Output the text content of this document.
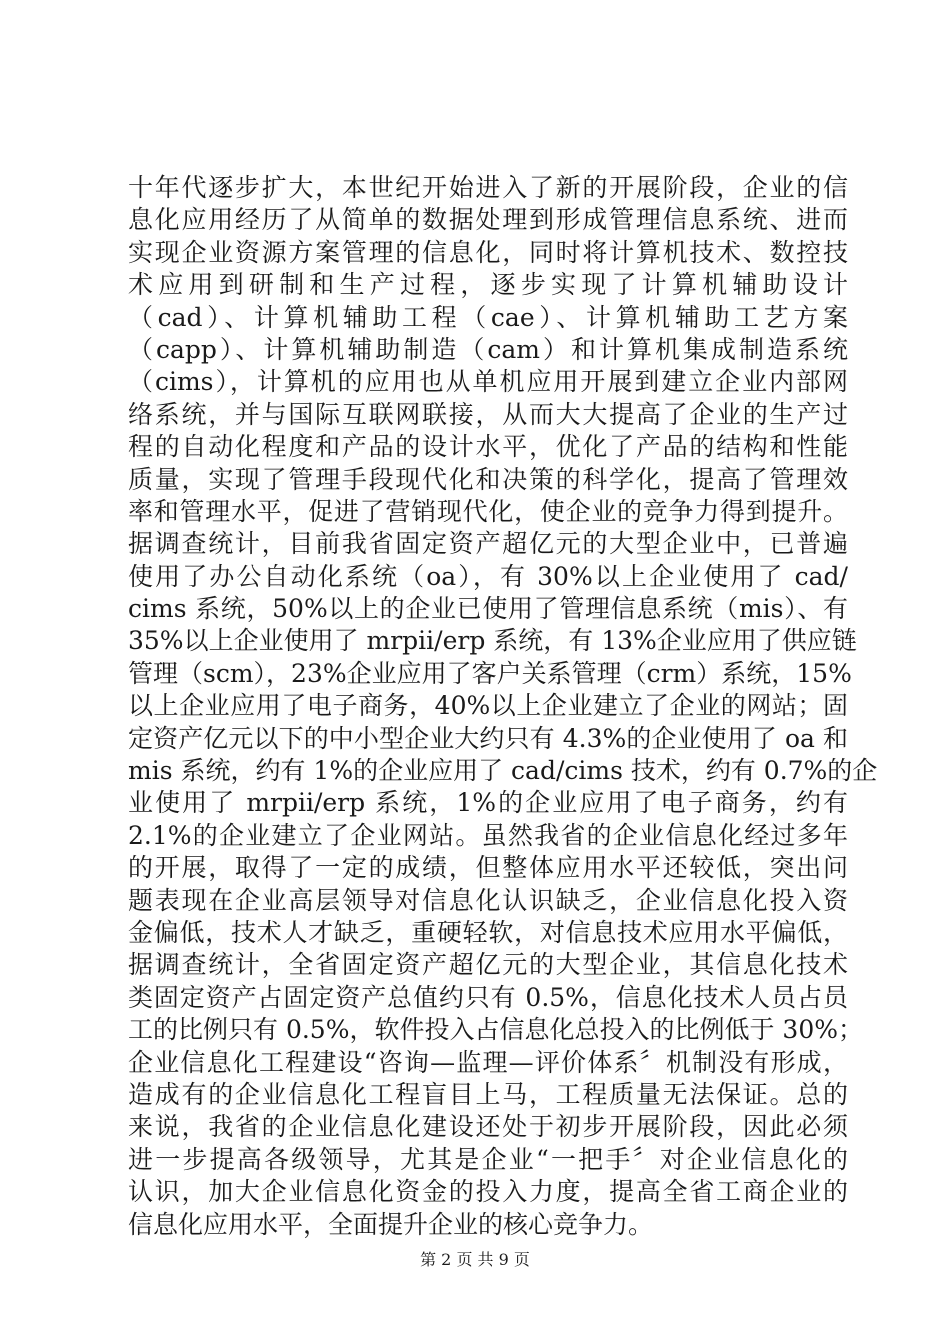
十年代逐步扩大，本世纪开始进入了新的开展阶段，企业的信
息化应用经历了从简单的数据处理到形成管理信息系统、进而
实现企业资源方案管理的信息化，同时将计算机技术、数控技
术应用到研制和生产过程，逐步实现了计算机辅助设计
（cad）、计算机辅助工程（cae）、计算机辅助工艺方案
（capp）、计算机辅助制造（cam）和计算机集成制造系统
（cims），计算机的应用也从单机应用开展到建立企业内部网
络系统，并与国际互联网联接，从而大大提高了企业的生产过
程的自动化程度和产品的设计水平，优化了产品的结构和性能
质量，实现了管理手段现代化和决策的科学化，提高了管理效
率和管理水平，促进了营销现代化，使企业的竞争力得到提升。
据调查统计，目前我省固定资产超亿元的大型企业中，已普遍
使用了办公自动化系统（oa），有 30%以上企业使用了 cad/
cims 系统，50%以上的企业已使用了管理信息系统（mis）、有
35%以上企业使用了 mrpii/erp 系统，有 13%企业应用了供应链
管理（scm），23%企业应用了客户关系管理（crm）系统，15%
以上企业应用了电子商务，40%以上企业建立了企业的网站；固
定资产亿元以下的中小型企业大约只有 4.3%的企业使用了 oa 和
mis 系统，约有 1%的企业应用了 cad/cims 技术，约有 0.7%的企
业使用了 mrpii/erp 系统，1%的企业应用了电子商务，约有
2.1%的企业建立了企业网站。虽然我省的企业信息化经过多年
的开展，取得了一定的成绩，但整体应用水平还较低，突出问
题表现在企业高层领导对信息化认识缺乏，企业信息化投入资
金偏低，技术人才缺乏，重硬轻软，对信息技术应用水平偏低，
据调查统计，全省固定资产超亿元的大型企业，其信息化技术
类固定资产占固定资产总值约只有 0.5%，信息化技术人员占员
工的比例只有 0.5%，软件投入占信息化总投入的比例低于 30%；
企业信息化工程建设“咨询—监理—评价体系〞机制没有形成，
造成有的企业信息化工程盲目上马，工程质量无法保证。总的
来说，我省的企业信息化建设还处于初步开展阶段，因此必须
进一步提高各级领导，尤其是企业“一把手〞对企业信息化的
认识，加大企业信息化资金的投入力度，提高全省工商企业的
信息化应用水平，全面提升企业的核心竞争力。
第 2 页 共 9 页
